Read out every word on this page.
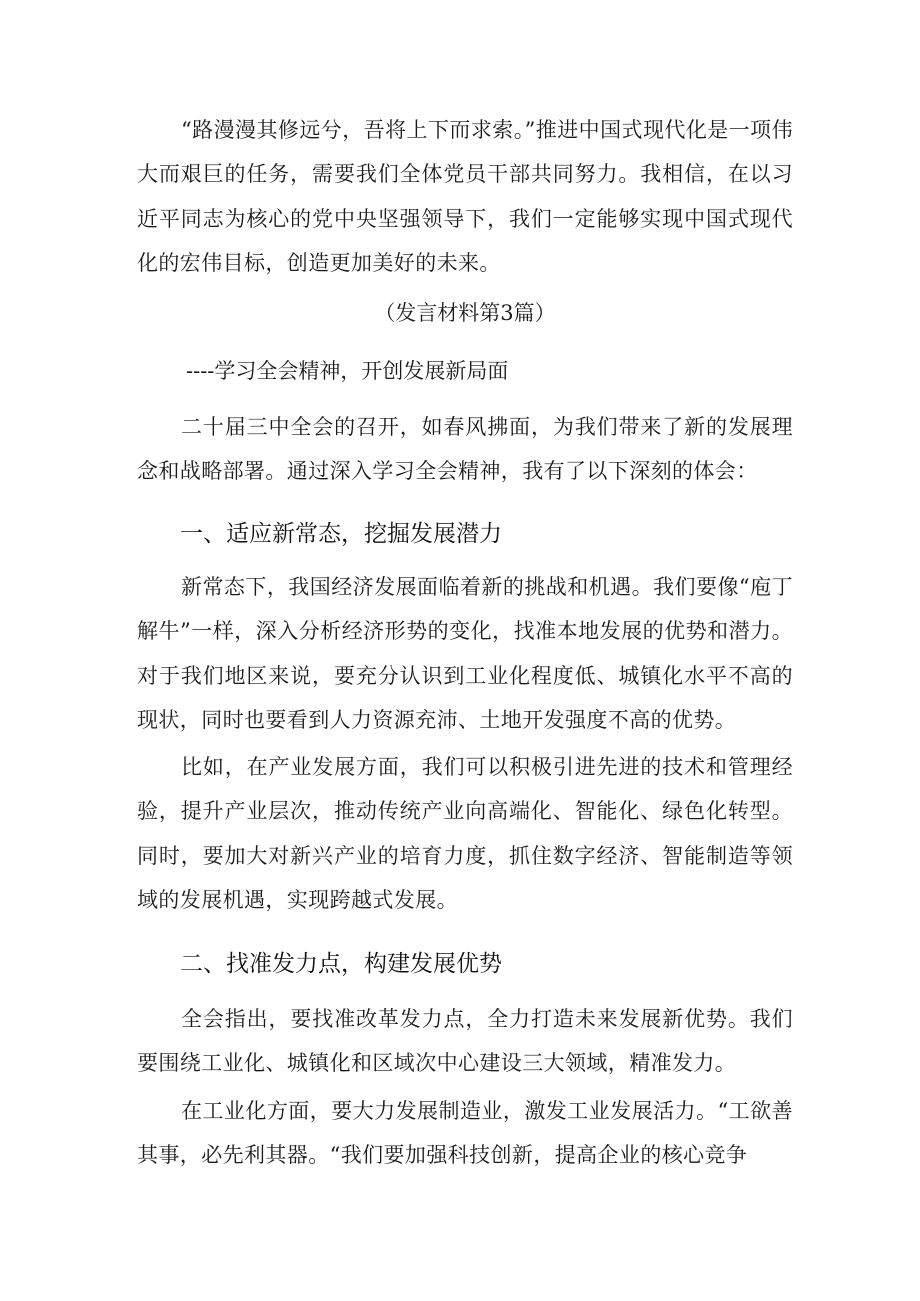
“路漫漫其修远兮，吾将上下而求索。”推进中国式现代化是一项伟大而艰巨的任务，需要我们全体党员干部共同努力。我相信，在以习近平同志为核心的党中央坚强领导下，我们一定能够实现中国式现代化的宏伟目标，创造更加美好的未来。

（发言材料第3篇）

----学习全会精神，开创发展新局面

二十届三中全会的召开，如春风拂面，为我们带来了新的发展理念和战略部署。通过深入学习全会精神，我有了以下深刻的体会：

一、适应新常态，挖掘发展潜力

新常态下，我国经济发展面临着新的挑战和机遇。我们要像“庖丁解牛”一样，深入分析经济形势的变化，找准本地发展的优势和潜力。对于我们地区来说，要充分认识到工业化程度低、城镇化水平不高的现状，同时也要看到人力资源充沛、土地开发强度不高的优势。

比如，在产业发展方面，我们可以积极引进先进的技术和管理经验，提升产业层次，推动传统产业向高端化、智能化、绿色化转型。同时，要加大对新兴产业的培育力度，抓住数字经济、智能制造等领域的发展机遇，实现跨越式发展。

二、找准发力点，构建发展优势

全会指出，要找准改革发力点，全力打造未来发展新优势。我们要围绕工业化、城镇化和区域次中心建设三大领域，精准发力。

在工业化方面，要大力发展制造业，激发工业发展活力。“工欲善其事，必先利其器。“我们要加强科技创新，提高企业的核心竞争
